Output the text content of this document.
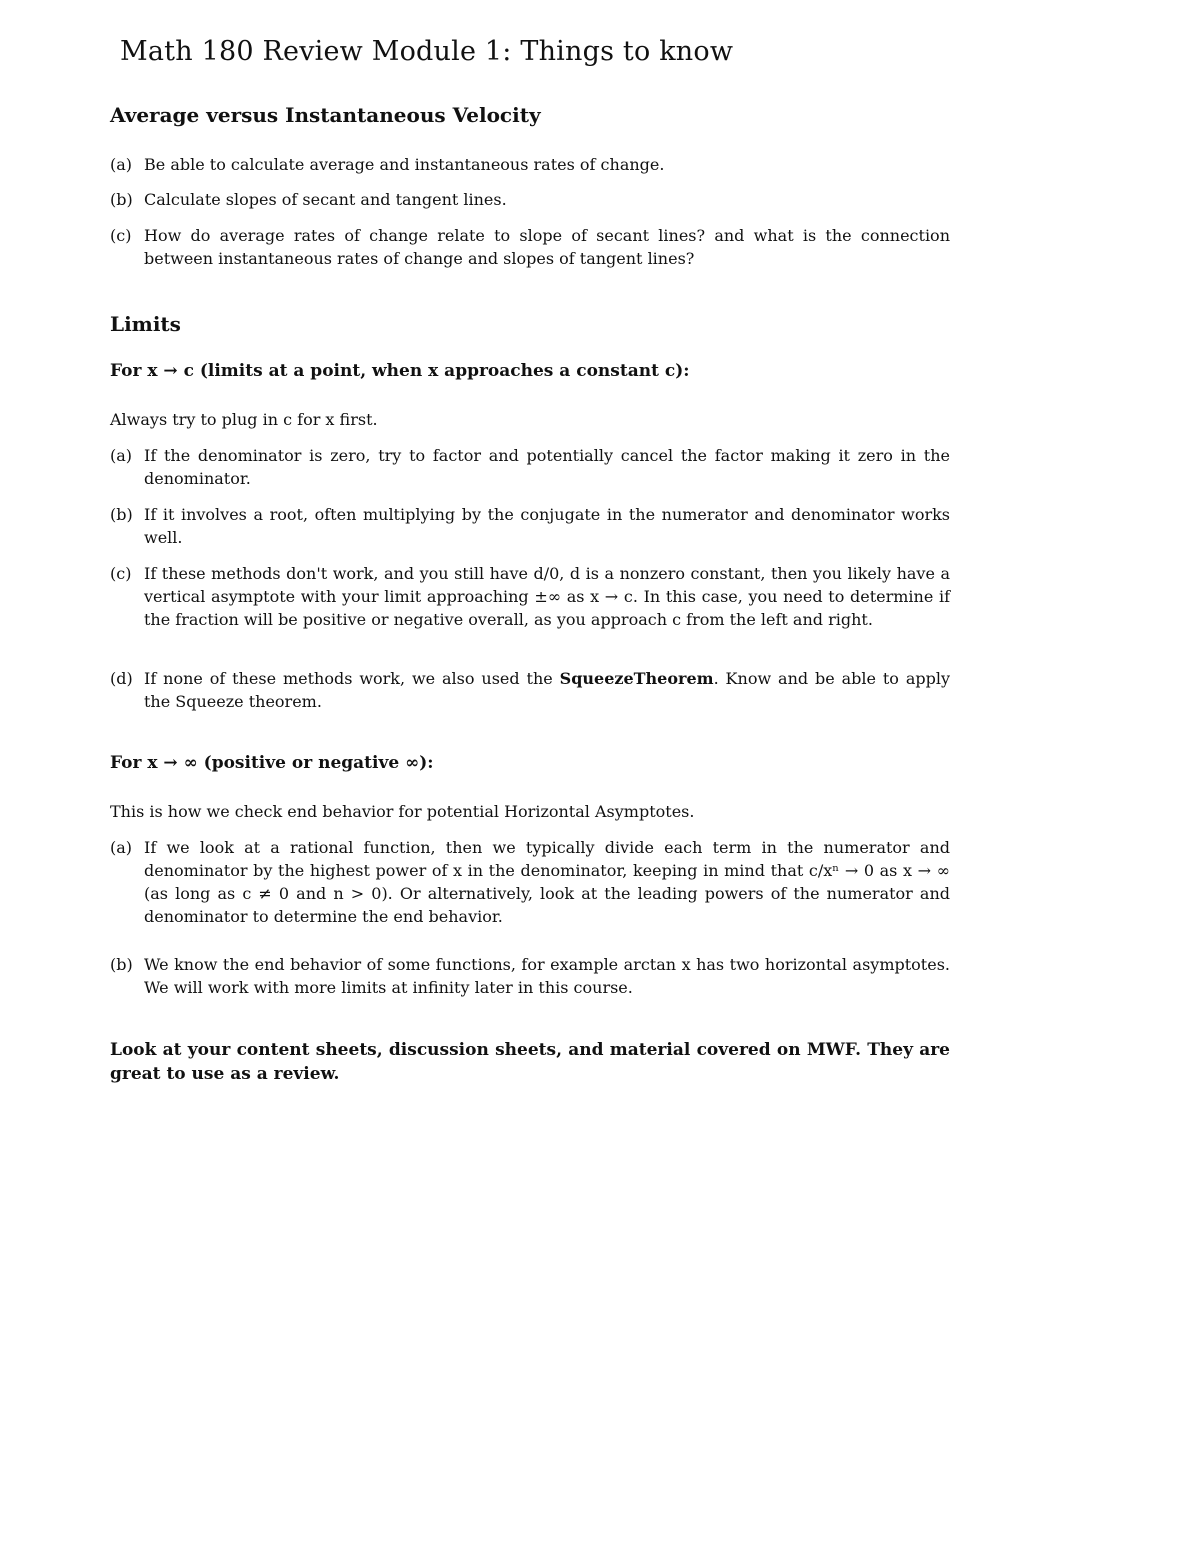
Math 180 Review Module 1: Things to know
Average versus Instantaneous Velocity
(a) Be able to calculate average and instantaneous rates of change.
(b) Calculate slopes of secant and tangent lines.
(c) How do average rates of change relate to slope of secant lines? and what is the connection between instantaneous rates of change and slopes of tangent lines?
Limits
For x → c (limits at a point, when x approaches a constant c):

Always try to plug in c for x first.

(a) If the denominator is zero, try to factor and potentially cancel the factor making it zero in the denominator.
(b) If it involves a root, often multiplying by the conjugate in the numerator and denominator works well.
(c) If these methods don't work, and you still have d/0, d is a nonzero constant, then you likely have a vertical asymptote with your limit approaching ±∞ as x → c. In this case, you need to determine if the fraction will be positive or negative overall, as you approach c from the left and right.
(d) If none of these methods work, we also used the SqueezeTheorem. Know and be able to apply the Squeeze theorem.
For x → ∞ (positive or negative ∞):

This is how we check end behavior for potential Horizontal Asymptotes.

(a) If we look at a rational function, then we typically divide each term in the numerator and denominator by the highest power of x in the denominator, keeping in mind that c/xⁿ → 0 as x → ∞ (as long as c ≠ 0 and n > 0). Or alternatively, look at the leading powers of the numerator and denominator to determine the end behavior.
(b) We know the end behavior of some functions, for example arctan x has two horizontal asymptotes. We will work with more limits at infinity later in this course.

Look at your content sheets, discussion sheets, and material covered on MWF. They are great to use as a review.
